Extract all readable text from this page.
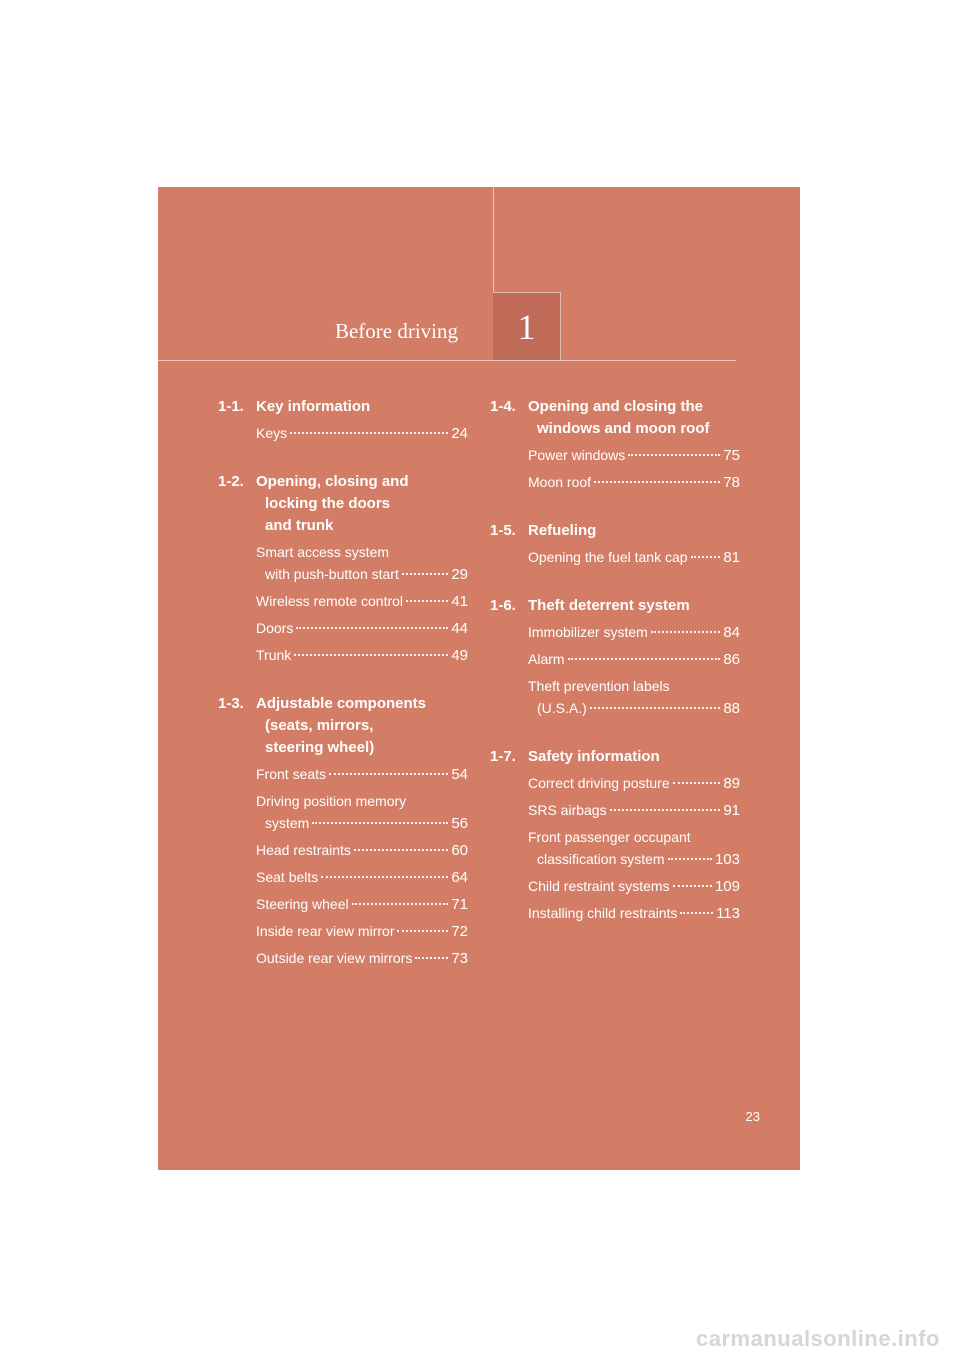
Before driving 1
1-1. Key information
Keys	24
1-2. Opening, closing and
locking the doors
and trunk
Smart access system
with push-button start	29
Wireless remote control	41
Doors	44
Trunk	49
1-3. Adjustable components
(seats, mirrors,
steering wheel)
Front seats	54
Driving position memory
system	56
Head restraints	60
Seat belts	64
Steering wheel	71
Inside rear view mirror	72
Outside rear view mirrors	73
1-4. Opening and closing the
windows and moon roof
Power windows	75
Moon roof	78
1-5. Refueling
Opening the fuel tank cap 81
1-6. Theft deterrent system
Immobilizer system	84
Alarm	86
Theft prevention labels
(U.S.A.)	88
1-7. Safety information
Correct driving posture	89
SRS airbags	91
Front passenger occupant
classification system	103
Child restraint systems	109
Installing child restraints	113
23
carmanualsonline.info
